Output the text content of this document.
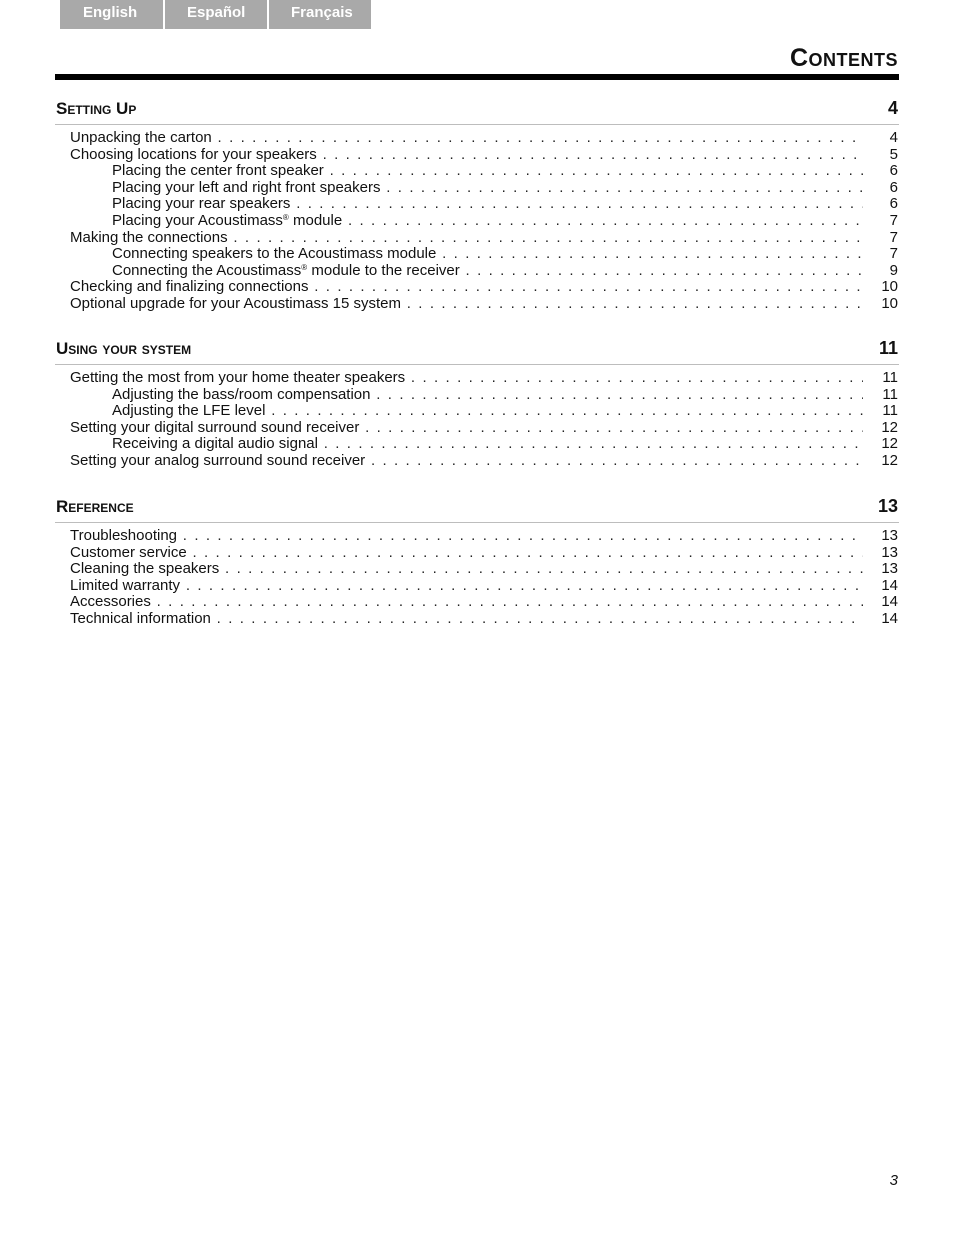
English	Español	Français
Contents
Setting Up	4
Unpacking the carton . . .	4
Choosing locations for your speakers . . .	5
Placing the center front speaker . . .	6
Placing your left and right front speakers . . .	6
Placing your rear speakers . . .	6
Placing your Acoustimass® module . . .	7
Making the connections . . .	7
Connecting speakers to the Acoustimass module . . .	7
Connecting the Acoustimass® module to the receiver . . .	9
Checking and finalizing connections . . .	10
Optional upgrade for your Acoustimass 15 system . . .	10
Using your system	11
Getting the most from your home theater speakers . . .	11
Adjusting the bass/room compensation . . .	11
Adjusting the LFE level . . .	11
Setting your digital surround sound receiver . . .	12
Receiving a digital audio signal . . .	12
Setting your analog surround sound receiver . . .	12
Reference	13
Troubleshooting . . .	13
Customer service . . .	13
Cleaning the speakers . . .	13
Limited warranty . . .	14
Accessories . . .	14
Technical information . . .	14
3
